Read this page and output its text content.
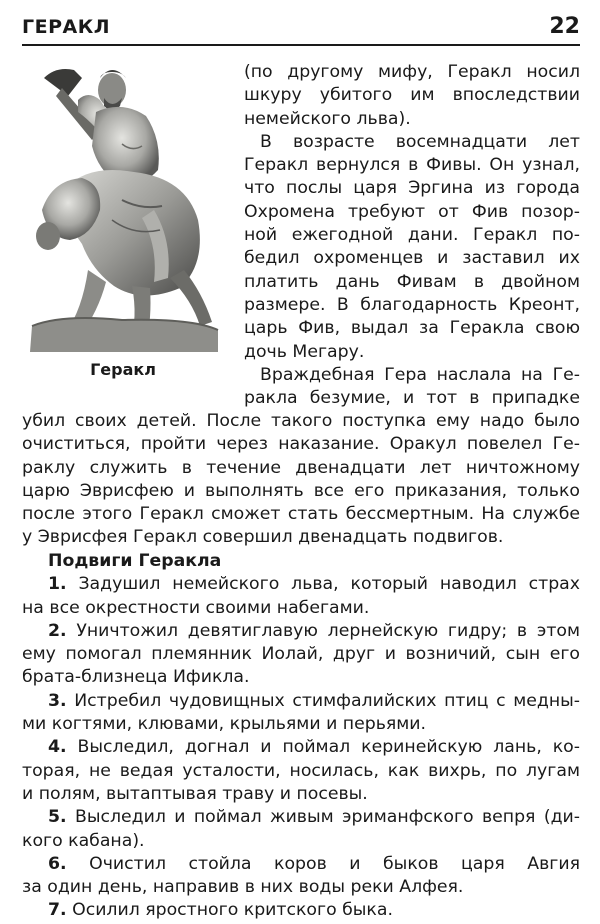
ГЕРАКЛ	22
Геракл
(по другому мифу, Геракл носил
шкуру убитого им впоследствии
немейского льва).
В возрасте восемнадцати лет
Геракл вернулся в Фивы. Он узнал,
что послы царя Эргина из города
Охромена требуют от Фив позор-
ной ежегодной дани. Геракл по-
бедил охроменцев и заставил их
платить дань Фивам в двойном
размере. В благодарность Креонт,
царь Фив, выдал за Геракла свою
дочь Мегару.
Враждебная Гера наслала на Ге-
ракла безумие, и тот в припадке
убил своих детей. После такого поступка ему надо было
очиститься, пройти через наказание. Оракул повелел Ге-
раклу служить в течение двенадцати лет ничтожному
царю Эврисфею и выполнять все его приказания, только
после этого Геракл сможет стать бессмертным. На службе
у Эврисфея Геракл совершил двенадцать подвигов.
Подвиги Геракла
1. Задушил немейского льва, который наводил страх
на все окрестности своими набегами.
2. Уничтожил девятиглавую лернейскую гидру; в этом
ему помогал племянник Иолай, друг и возничий, сын его
брата-близнеца Ификла.
3. Истребил чудовищных стимфалийских птиц с медны-
ми когтями, клювами, крыльями и перьями.
4. Выследил, догнал и поймал керинейскую лань, ко-
торая, не ведая усталости, носилась, как вихрь, по лугам
и полям, вытаптывая траву и посевы.
5. Выследил и поймал живым эриманфского вепря (ди-
кого кабана).
6. Очистил стойла коров и быков царя Авгия
за один день, направив в них воды реки Алфея.
7. Осилил яростного критского быка.
